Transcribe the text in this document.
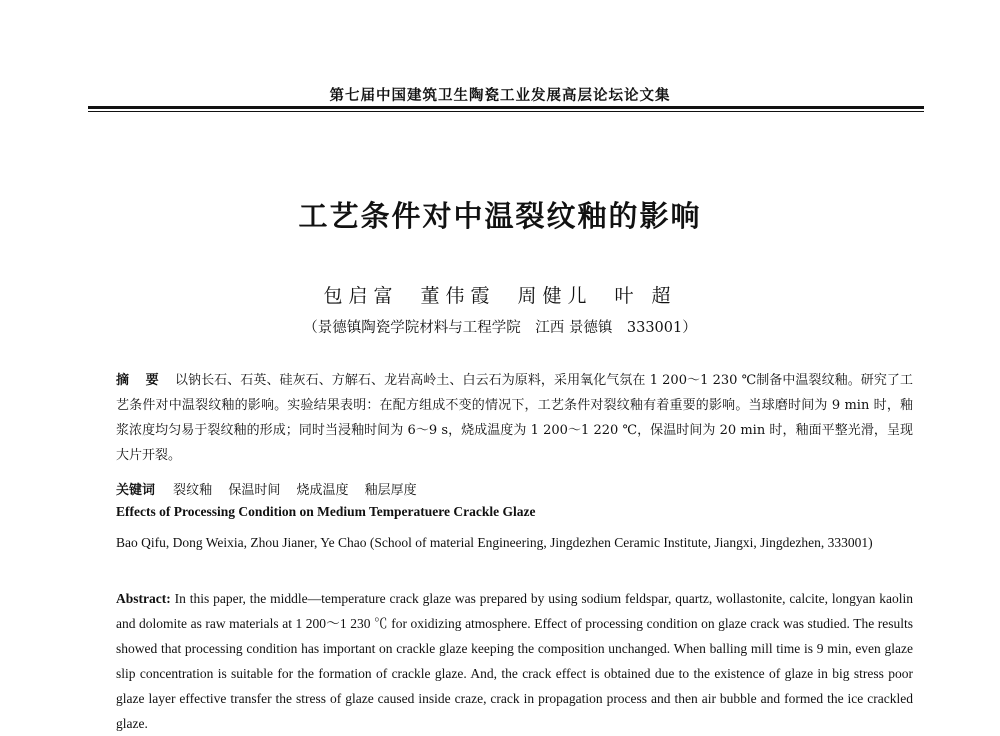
第七届中国建筑卫生陶瓷工业发展高层论坛论文集
工艺条件对中温裂纹釉的影响
包启富 董伟霞 周健儿 叶 超
（景德镇陶瓷学院材料与工程学院　江西 景德镇　333001）
摘 要 以钠长石、石英、硅灰石、方解石、龙岩高岭土、白云石为原料，采用氧化气氛在 1 200～1 230 ℃制备中温裂纹釉。研究了工艺条件对中温裂纹釉的影响。实验结果表明：在配方组成不变的情况下，工艺条件对裂纹釉有着重要的影响。当球磨时间为 9 min 时，釉浆浓度均匀易于裂纹釉的形成；同时当浸釉时间为 6～9 s，烧成温度为 1 200～1 220 ℃，保温时间为 20 min 时，釉面平整光滑，呈现大片开裂。
关键词 裂纹釉 保温时间 烧成温度 釉层厚度
Effects of Processing Condition on Medium Temperatuere Crackle Glaze
Bao Qifu, Dong Weixia, Zhou Jianer, Ye Chao (School of material Engineering, Jingdezhen Ceramic Institute, Jiangxi, Jingdezhen, 333001)
Abstract: In this paper, the middle—temperature crack glaze was prepared by using sodium feldspar, quartz, wollastonite, calcite, longyan kaolin and dolomite as raw materials at 1 200～1 230 ℃ for oxidizing atmosphere. Effect of processing condition on glaze crack was studied. The results showed that processing condition has important on crackle glaze keeping the composition unchanged. When balling mill time is 9 min, even glaze slip concentration is suitable for the formation of crackle glaze. And, the crack effect is obtained due to the existence of glaze in big stress poor glaze layer effective transfer the stress of glaze caused inside craze, crack in propagation process and then air bubble and formed the ice crackled glaze.
